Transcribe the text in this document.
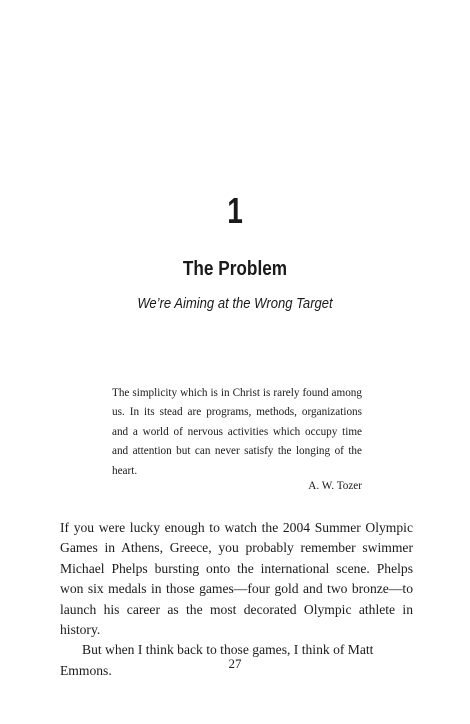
1
The Problem
We’re Aiming at the Wrong Target
The simplicity which is in Christ is rarely found among us. In its stead are programs, methods, organizations and a world of nervous activities which occupy time and attention but can never satisfy the longing of the heart.
A. W. Tozer

If you were lucky enough to watch the 2004 Summer Olympic Games in Athens, Greece, you probably remember swimmer Michael Phelps bursting onto the international scene. Phelps won six medals in those games—four gold and two bronze—to launch his career as the most decorated Olympic athlete in history.

But when I think back to those games, I think of Matt Emmons.	27
